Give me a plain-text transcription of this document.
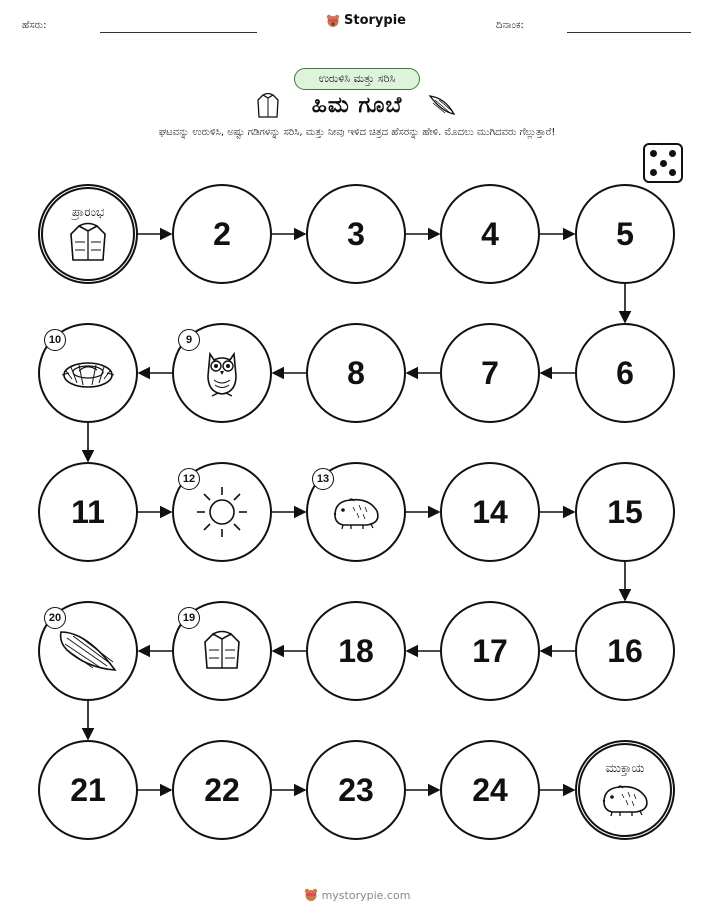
ಹೆಸರು:	Storypie	ದಿನಾಂಕ:
ಉರುಳಿಸಿ ಮತ್ತು ಸರಿಸಿ
ಹಿಮ ಗೂಬೆ
ಘಟವನ್ನು ಉರುಳಿಸಿ, ಅಷ್ಟು ಗಡಿಗಳನ್ನು ಸರಿಸಿ, ಮತ್ತು ನೀವು ಇಳಿದ ಚಿತ್ರದ ಹೆಸರನ್ನು ಹೇಳಿ. ಮೊದಲು ಮುಗಿದವರು ಗೆಲ್ಲುತ್ತಾರೆ!
ಪ್ರಾರಂಭ
2	3	4	5
6
7
8
9
10
11
12	13
14	15
16
17
18
19
20
21	22	23	24
ಮುಕ್ತಾಯ
mystorypie.com
